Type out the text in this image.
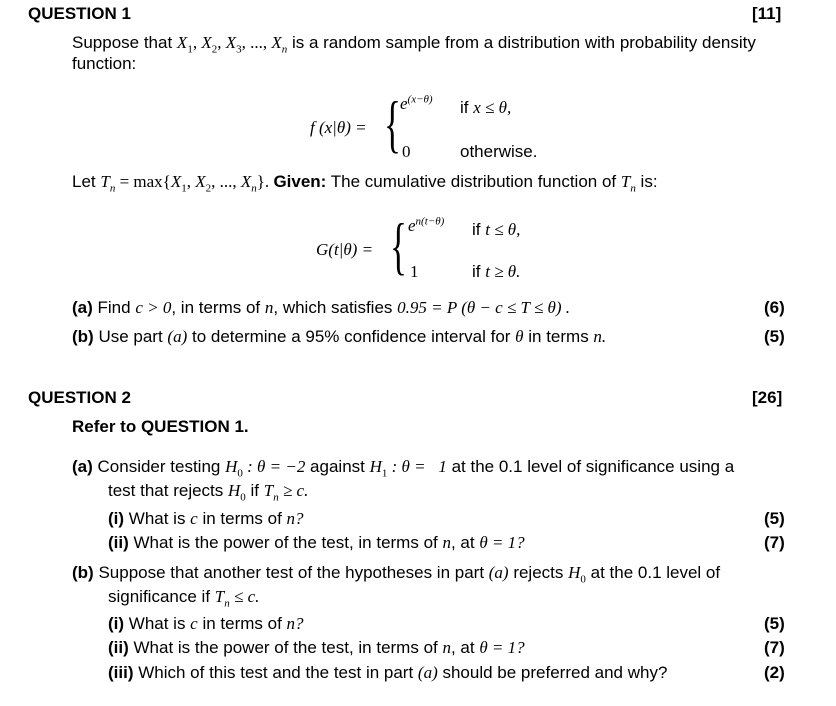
QUESTION 1	[11]
Suppose that $X_1$, $X_2$, $X_3$, ..., $X_n$ is a random sample from a distribution with probability density
function:
f (x|θ) = { $e^{(x-\theta)}$ if x ≤ θ,
0	otherwise.
Let $T_n = \max\{X_1$, $X_2$, ..., $X_n$}. Given: The cumulative distribution function of $T_n$ is:
G(t|θ) = { $e^{n(t-\theta)}$ if t ≤ θ,
1	if t ≥ θ.
(a) Find c > 0, in terms of n, which satisfies 0.95 = P (θ − c ≤ T ≤ θ) .	(6)
(b) Use part (a) to determine a 95% confidence interval for θ in terms n.	(5)
QUESTION 2	[26]
Refer to QUESTION 1.
(a) Consider testing $H_0$ : θ = −2 against $H_1$ : θ =   1 at the 0.1 level of significance using a
test that rejects $H_0$ if $T_n \ge c$.
(i) What is c in terms of n?	(5)
(ii) What is the power of the test, in terms of n, at θ = 1?	(7)
(b) Suppose that another test of the hypotheses in part (a) rejects $H_0$ at the 0.1 level of
significance if $T_n \le c$.
(i) What is c in terms of n?	(5)
(ii) What is the power of the test, in terms of n, at θ = 1?	(7)
(iii) Which of this test and the test in part (a) should be preferred and why?	(2)
